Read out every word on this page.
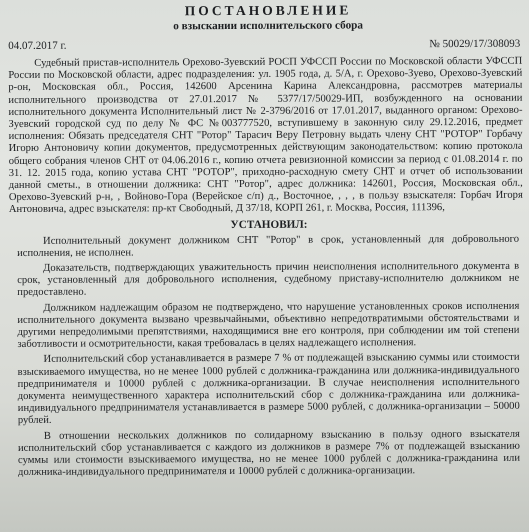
ПОСТАНОВЛЕНИЕ
о взыскании исполнительского сбора
04.07.2017 г.	№ 50029/17/308093

Судебный пристав-исполнитель Орехово-Зуевский РОСП УФССП России по Московской области УФССП России по Московской области, адрес подразделения: ул. 1905 года, д. 5/А, г. Орехово-Зуево, Орехово-Зуевский р-он, Московская обл., Россия, 142600 Арсенина Карина Александровна, рассмотрев материалы исполнительного производства от 27.01.2017 № 5377/17/50029-ИП, возбужденного на основании исполнительного документа Исполнительный лист № 2-3796/2016 от 17.01.2017, выданного органом: Орехово-Зуевский городской суд по делу № ФС №003777520, вступившему в законную силу 29.12.2016, предмет исполнения: Обязать председателя СНТ "Ротор" Тарасич Веру Петровну выдать члену СНТ "РОТОР" Горбачу Игорю Антоновичу копии документов, предусмотренных действующим законодательством: копию протокола общего собрания членов СНТ от 04.06.2016 г., копию отчета ревизионной комиссии за период с 01.08.2014 г. по 31. 12. 2015 года, копию устава СНТ "РОТОР", приходно-расходную смету СНТ и отчет об использовании данной сметы., в отношении должника: СНТ "Ротор", адрес должника: 142601, Россия, Московская обл., Орехово-Зуевский р-н, , Войново-Гора (Верейское с/п) д., Восточное, , , , в пользу взыскателя: Горбач Игоря Антоновича, адрес взыскателя: пр-кт Свободный, Д 37/18, КОРП 261, г. Москва, Россия, 111396,

УСТАНОВИЛ:

Исполнительный документ должником СНТ "Ротор" в срок, установленный для добровольного исполнения, не исполнен.

Доказательств, подтверждающих уважительность причин неисполнения исполнительного документа в срок, установленный для добровольного исполнения, судебному приставу-исполнителю должником не предоставлено.

Должником надлежащим образом не подтверждено, что нарушение установленных сроков исполнения исполнительного документа вызвано чрезвычайными, объективно непредотвратимыми обстоятельствами и другими непредолимыми препятствиями, находящимися вне его контроля, при соблюдении им той степени заботливости и осмотрительности, какая требовалась в целях надлежащего исполнения.

Исполнительский сбор устанавливается в размере 7 % от подлежащей взысканию суммы или стоимости взыскиваемого имущества, но не менее 1000 рублей с должника-гражданина или должника-индивидуального предпринимателя и 10000 рублей с должника-организации. В случае неисполнения исполнительного документа неимущественного характера исполнительский сбор с должника-гражданина или должника-индивидуального предпринимателя устанавливается в размере 5000 рублей, с должника-организации – 50000 рублей.

В отношении нескольких должников по солидарному взысканию в пользу одного взыскателя исполнительский сбор устанавливается с каждого из должников в размере 7% от подлежащей взысканию суммы или стоимости взыскиваемого имущества, но не менее 1000 рублей с должника-гражданина или должника-индивидуального предпринимателя и 10000 рублей с должника-организации.
